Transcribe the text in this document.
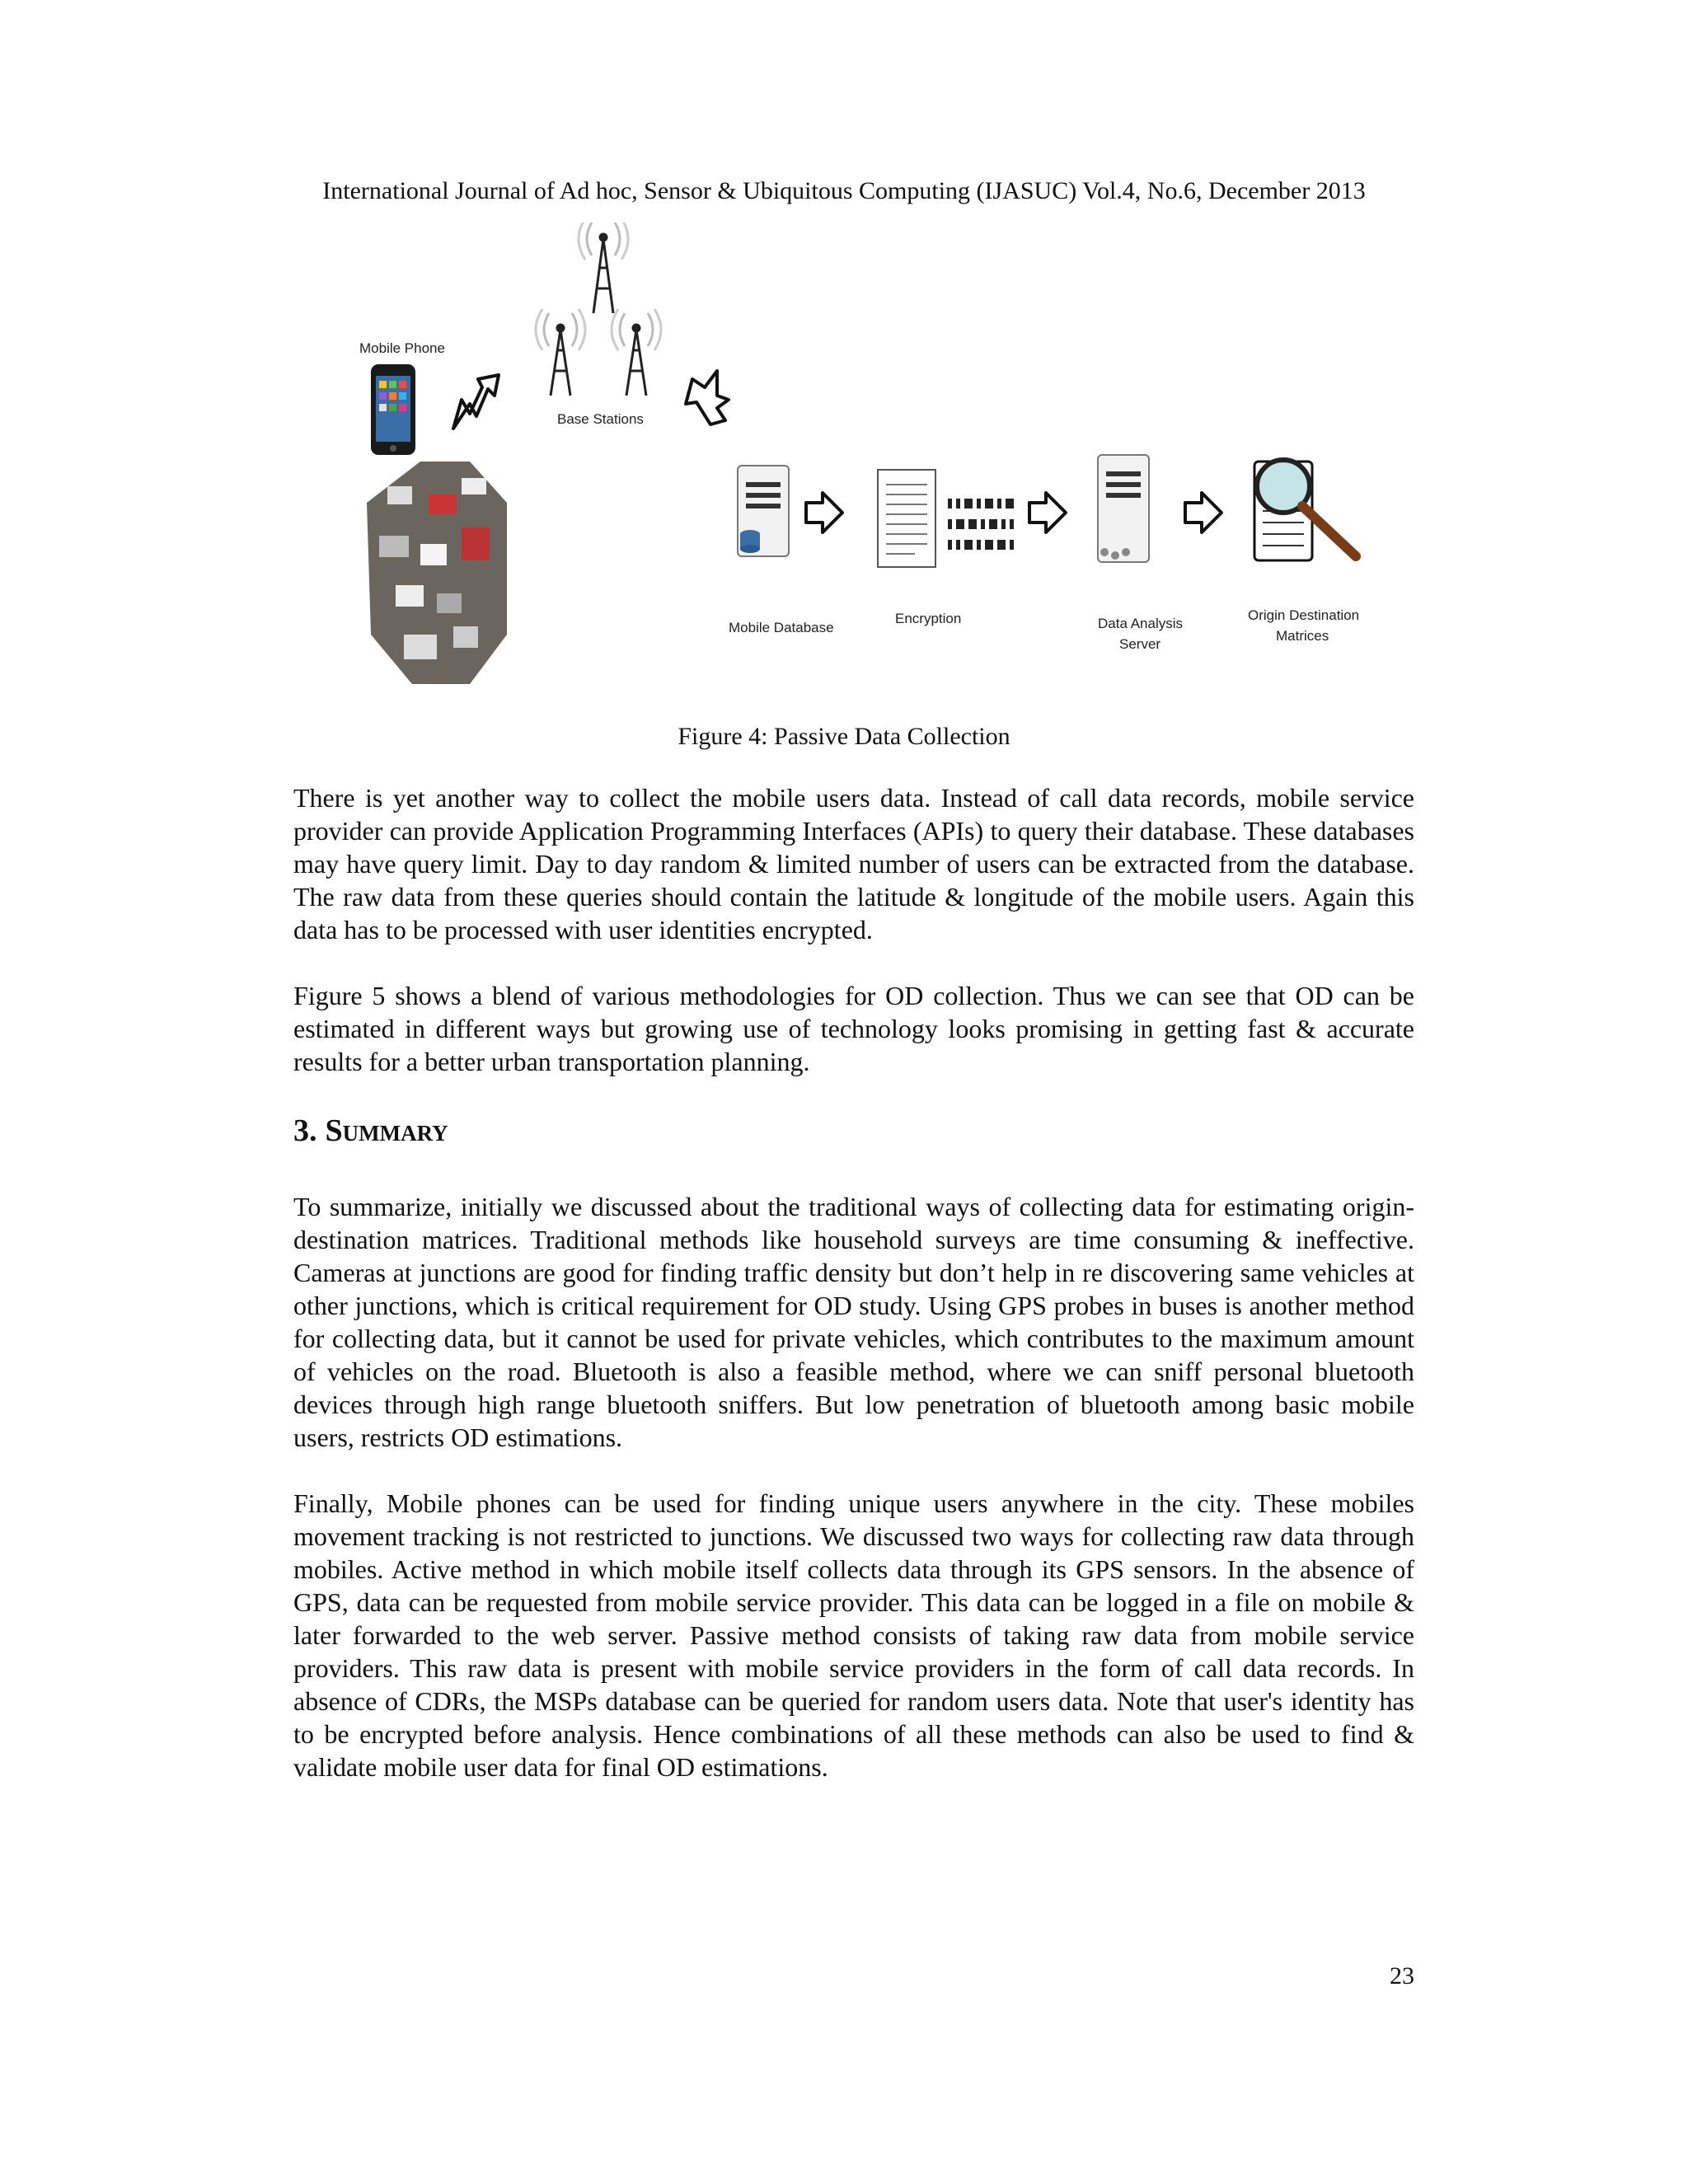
International Journal of Ad hoc, Sensor & Ubiquitous Computing (IJASUC) Vol.4, No.6, December 2013
Base Stations
Mobile Phone
Mobile Database
Encryption	Data Analysis
Server
Origin Destination
Matrices
Figure 4: Passive Data Collection

There is yet another way to collect the mobile users data. Instead of call data records, mobile service provider can provide Application Programming Interfaces (APIs) to query their database. These databases may have query limit. Day to day random & limited number of users can be extracted from the database. The raw data from these queries should contain the latitude & longitude of the mobile users. Again this data has to be processed with user identities encrypted.

Figure 5 shows a blend of various methodologies for OD collection. Thus we can see that OD can be estimated in different ways but growing use of technology looks promising in getting fast & accurate results for a better urban transportation planning.

3. Summary

To summarize, initially we discussed about the traditional ways of collecting data for estimating origin-destination matrices. Traditional methods like household surveys are time consuming & ineffective. Cameras at junctions are good for finding traffic density but don’t help in re discovering same vehicles at other junctions, which is critical requirement for OD study. Using GPS probes in buses is another method for collecting data, but it cannot be used for private vehicles, which contributes to the maximum amount of vehicles on the road. Bluetooth is also a feasible method, where we can sniff personal bluetooth devices through high range bluetooth sniffers. But low penetration of bluetooth among basic mobile users, restricts OD estimations.

Finally, Mobile phones can be used for finding unique users anywhere in the city. These mobiles movement tracking is not restricted to junctions. We discussed two ways for collecting raw data through mobiles. Active method in which mobile itself collects data through its GPS sensors. In the absence of GPS, data can be requested from mobile service provider. This data can be logged in a file on mobile & later forwarded to the web server. Passive method consists of taking raw data from mobile service providers. This raw data is present with mobile service providers in the form of call data records. In absence of CDRs, the MSPs database can be queried for random users data. Note that user's identity has to be encrypted before analysis. Hence combinations of all these methods can also be used to find & validate mobile user data for final OD estimations.

23
